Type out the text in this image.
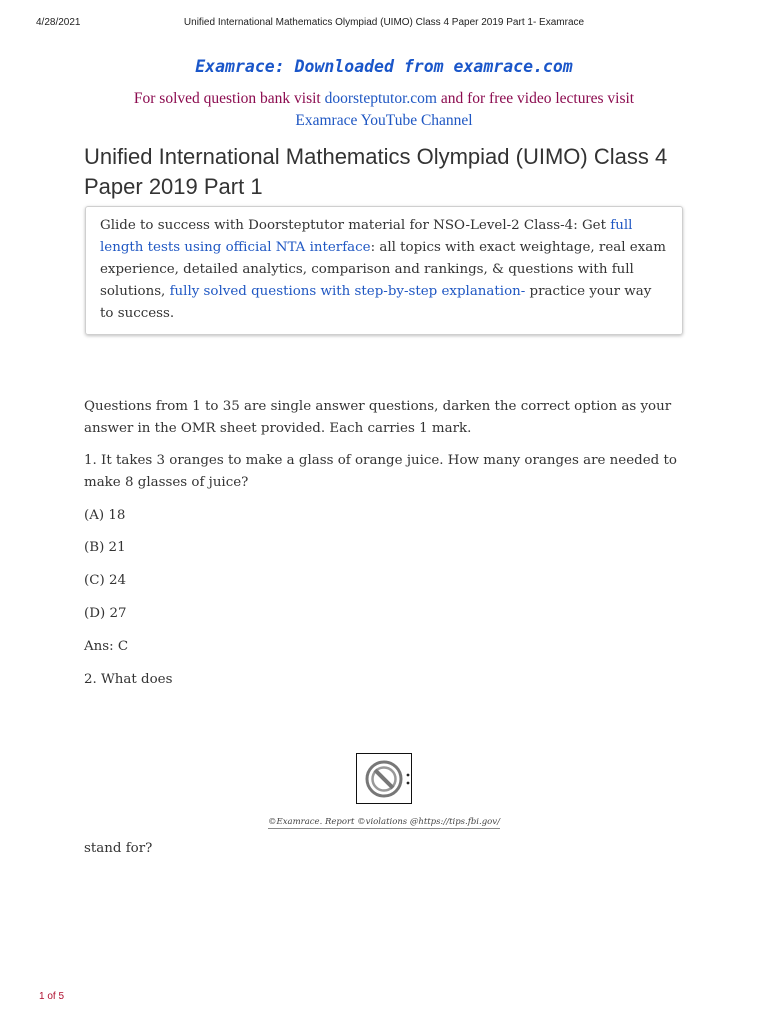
4/28/2021	Unified International Mathematics Olympiad (UIMO) Class 4 Paper 2019 Part 1- Examrace
Examrace: Downloaded from examrace.com
For solved question bank visit doorsteptutor.com and for free video lectures visit
Examrace YouTube Channel
Unified International Mathematics Olympiad (UIMO) Class 4 Paper 2019 Part 1
Glide to success with Doorsteptutor material for NSO-Level-2 Class-4: Get full length tests using official NTA interface: all topics with exact weightage, real exam experience, detailed analytics, comparison and rankings, & questions with full solutions, fully solved questions with step-by-step explanation- practice your way to success.

Questions from 1 to 35 are single answer questions, darken the correct option as your answer in the OMR sheet provided. Each carries 1 mark.

1. It takes 3 oranges to make a glass of orange juice. How many oranges are needed to make 8 glasses of juice?

(A) 18

(B) 21

(C) 24

(D) 27

Ans: C

2. What does

©Examrace. Report ©violations @https://tips.fbi.gov/

stand for?

1 of 5
